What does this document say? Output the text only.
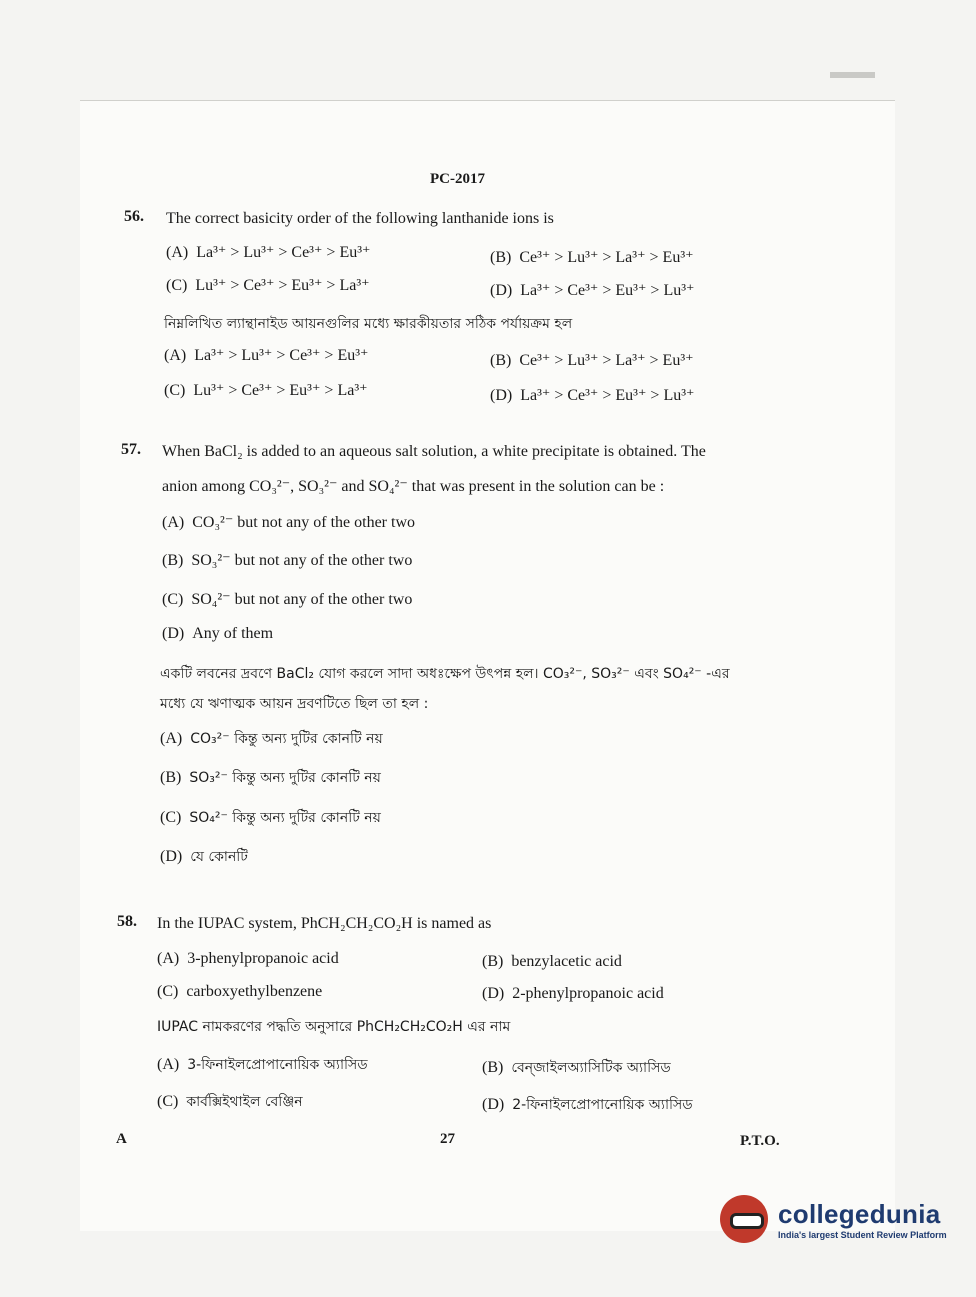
PC-2017
56. The correct basicity order of the following lanthanide ions is
(A) La³⁺ > Lu³⁺ > Ce³⁺ > Eu³⁺	(B) Ce³⁺ > Lu³⁺ > La³⁺ > Eu³⁺
(C) Lu³⁺ > Ce³⁺ > Eu³⁺ > La³⁺	(D) La³⁺ > Ce³⁺ > Eu³⁺ > Lu³⁺
নিম্নলিখিত ল্যান্থানাইড আয়নগুলির মধ্যে ক্ষারকীয়তার সঠিক পর্যায়ক্রম হল
(A) La³⁺ > Lu³⁺ > Ce³⁺ > Eu³⁺	(B) Ce³⁺ > Lu³⁺ > La³⁺ > Eu³⁺
(C) Lu³⁺ > Ce³⁺ > Eu³⁺ > La³⁺	(D) La³⁺ > Ce³⁺ > Eu³⁺ > Lu³⁺
57. When BaCl₂ is added to an aqueous salt solution, a white precipitate is obtained. The
anion among CO₃²⁻, SO₃²⁻ and SO₄²⁻ that was present in the solution can be :
(A) CO₃²⁻ but not any of the other two
(B) SO₃²⁻ but not any of the other two
(C) SO₄²⁻ but not any of the other two
(D) Any of them
একটি লবনের দ্রবণে BaCl₂ যোগ করলে সাদা অধঃক্ষেপ উৎপন্ন হল। CO₃²⁻, SO₃²⁻ এবং SO₄²⁻ -এর
মধ্যে যে ঋণাত্মক আয়ন দ্রবণটিতে ছিল তা হল :
(A) CO₃²⁻ কিন্তু অন্য দুটির কোনটি নয়
(B) SO₃²⁻ কিন্তু অন্য দুটির কোনটি নয়
(C) SO₄²⁻ কিন্তু অন্য দুটির কোনটি নয়
(D) যে কোনটি
58. In the IUPAC system, PhCH₂CH₂CO₂H is named as
(A) 3-phenylpropanoic acid	(B) benzylacetic acid
(C) carboxyethylbenzene	(D) 2-phenylpropanoic acid
IUPAC নামকরণের পদ্ধতি অনুসারে PhCH₂CH₂CO₂H এর নাম
(A) 3-ফিনাইলপ্রোপানোয়িক অ্যাসিড	(B) বেন্‌জাইলঅ্যাসিটিক অ্যাসিড
(C) কার্বক্সিইথাইল বেঞ্জিন	(D) 2-ফিনাইলপ্রোপানোয়িক অ্যাসিড
A	27	P.T.O.
collegedunia
India's largest Student Review Platform
